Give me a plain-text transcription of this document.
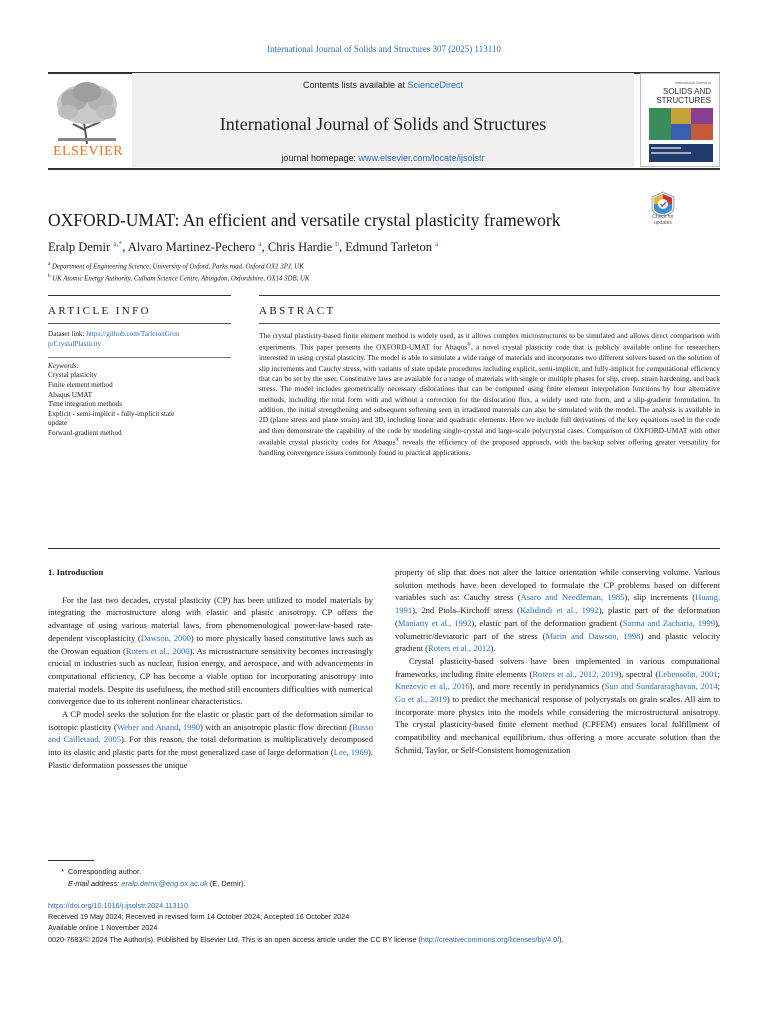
International Journal of Solids and Structures 307 (2025) 113110
ELSEVIER
Contents lists available at ScienceDirect
International Journal of Solids and Structures
journal homepage: www.elsevier.com/locate/ijsolstr
International Journal of
SOLIDS AND
STRUCTURES
OXFORD-UMAT: An efficient and versatile crystal plasticity framework	Check for
updates
Eralp Demir $^{a,*}$, Alvaro Martinez-Pechero $^a$, Chris Hardie $^b$, Edmund Tarleton $^a$
$^a$ Department of Engineering Science, University of Oxford, Parks road, Oxford OX1 3PJ, UK
$^b$ UK Atomic Energy Authority, Culham Science Centre, Abingdon, Oxfordshire, OX14 3DB, UK
ARTICLE INFO	ABSTRACT
Dataset link: https://github.com/TarletonGrou
p/CrystalPlasticity
Keywords:
Crystal plasticity
Finite element method
Abaqus UMAT
Time integration methods
Explicit - semi-implicit - fully-implicit state
update
Forward-gradient method
The crystal plasticity-based finite element method is widely used, as it allows complex microstructures to be simulated and allows direct comparison with experiments. This paper presents the OXFORD-UMAT for Abaqus®, a novel crystal plasticity code that is publicly available online for researchers interested in using crystal plasticity. The model is able to simulate a wide range of materials and incorporates two different solvers based on the solution of slip increments and Cauchy stress, with variants of state update procedures including explicit, semi-implicit, and fully-implicit for computational efficiency that can be set by the user. Constitutive laws are available for a range of materials with single or multiple phases for slip, creep, strain hardening, and back stress. The model includes geometrically necessary dislocations that can be computed using finite element interpolation functions by four alternative methods, including the total form with and without a correction for the dislocation flux, a widely used rate form, and a slip-gradient formulation. In addition, the initial strengthening and subsequent softening seen in irradiated materials can also be simulated with the model. The analysis is available in 2D (plane stress and plane strain) and 3D, including linear and quadratic elements. Here we include full derivations of the key equations used in the code and then demonstrate the capability of the code by modeling single-crystal and large-scale polycrystal cases. Comparison of OXFORD-UMAT with other available crystal plasticity codes for Abaqus® reveals the efficiency of the proposed approach, with the backup solver offering greater versatility for handling convergence issues commonly found in practical applications.
1. Introduction

For the last two decades, crystal plasticity (CP) has been utilized to model materials by integrating the microstructure along with elastic and plastic anisotropy. CP offers the advantage of using various material laws, from phenomenological power-law-based rate-dependent viscoplasticity (Dawson, 2000) to more physically based constitutive laws such as the Orowan equation (Roters et al., 2000). As microstructure sensitivity becomes increasingly crucial in industries such as nuclear, fusion energy, and aerospace, and with advancements in computational efficiency, CP has become a viable option for incorporating anisotropy into material models. Despite its usefulness, the method still encounters difficulties with numerical convergence due to its inherent nonlinear characteristics.

A CP model seeks the solution for the elastic or plastic part of the deformation similar to isotropic plasticity (Weber and Anand, 1990) with an anisotropic plastic flow direction (Busso and Cailletaud, 2005). For this reason, the total deformation is multiplicatively decomposed into its elastic and plastic parts for the most generalized case of large deformation (Lee, 1969). Plastic deformation possesses the unique

property of slip that does not alter the lattice orientation while conserving volume. Various solution methods have been developed to formulate the CP problems based on different variables such as: Cauchy stress (Asaro and Needleman, 1985), slip increments (Huang, 1991), 2nd Piola–Kirchoff stress (Kalidindi et al., 1992), plastic part of the deformation (Maniatty et al., 1992), elastic part of the deformation gradient (Sarma and Zacharia, 1999), volumetric/deviatoric part of the stress (Marin and Dawson, 1998) and plastic velocity gradient (Roters et al., 2012).

Crystal plasticity-based solvers have been implemented in various computational frameworks, including finite elements (Roters et al., 2012, 2019), spectral (Lebensohn, 2001; Knezevic et al., 2016), and more recently in peridynamics (Sun and Sundararaghavan, 2014; Gu et al., 2019) to predict the mechanical response of polycrystals on grain scales. All aim to incorporate more physics into the models while considering the microstructural anisotropy. The crystal plasticity-based finite element method (CPFEM) ensures local fulfillment of compatibility and mechanical equilibrium, thus offering a more accurate solution than the Schmid, Taylor, or Self-Consistent homogenization

* Corresponding author.
E-mail address: eralp.demir@eng.ox.ac.uk (E. Demir).
https://doi.org/10.1016/j.ijsolstr.2024.113110
Received 19 May 2024; Received in revised form 14 October 2024; Accepted 16 October 2024
Available online 1 November 2024
0020-7683/© 2024 The Author(s). Published by Elsevier Ltd. This is an open access article under the CC BY license (http://creativecommons.org/licenses/by/4.0/).
